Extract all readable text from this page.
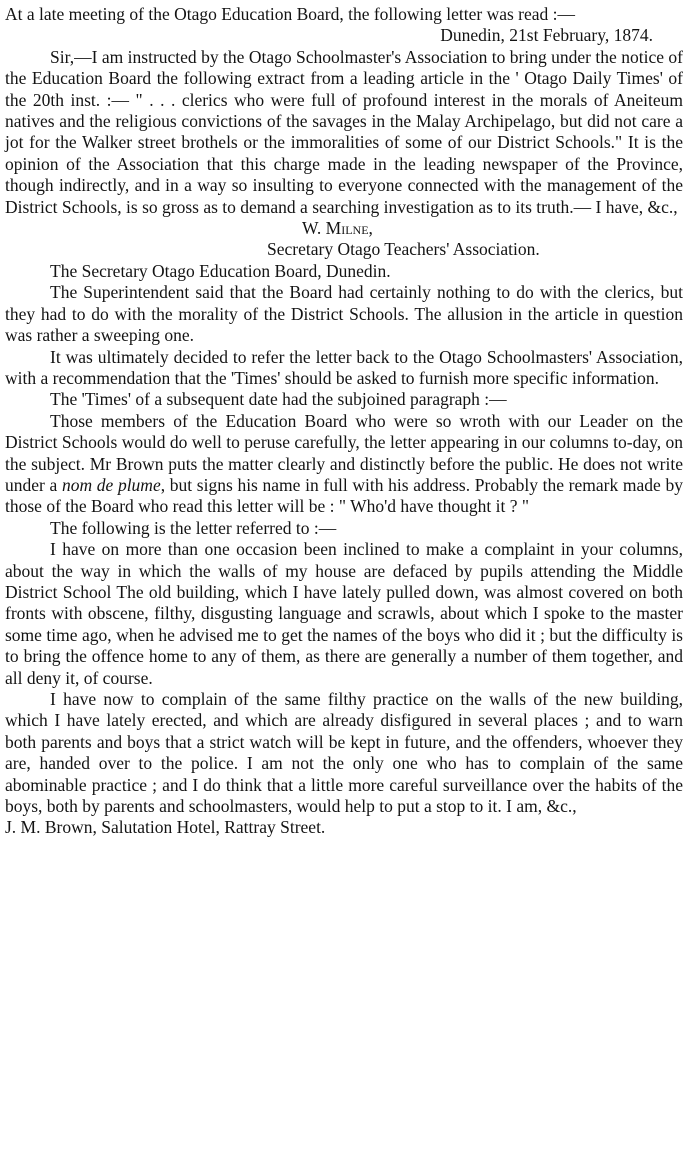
At a late meeting of the Otago Education Board, the following letter was read :—

Dunedin, 21st February, 1874.

Sir,—I am instructed by the Otago Schoolmaster's Association to bring under the notice of the Education Board the following extract from a leading article in the ' Otago Daily Times' of the 20th inst. :— " . . . clerics who were full of profound interest in the morals of Aneiteum natives and the religious convictions of the savages in the Malay Archipelago, but did not care a jot for the Walker street brothels or the immoralities of some of our District Schools." It is the opinion of the Association that this charge made in the leading newspaper of the Province, though indirectly, and in a way so insulting to everyone connected with the management of the District Schools, is so gross as to demand a searching investigation as to its truth.— I have, &c.,

W. Milne,

Secretary Otago Teachers' Association.

The Secretary Otago Education Board, Dunedin.

The Superintendent said that the Board had certainly nothing to do with the clerics, but they had to do with the morality of the District Schools. The allusion in the article in question was rather a sweeping one.

It was ultimately decided to refer the letter back to the Otago Schoolmasters' Association, with a recommendation that the 'Times' should be asked to furnish more specific information.

The 'Times' of a subsequent date had the subjoined paragraph :—

Those members of the Education Board who were so wroth with our Leader on the District Schools would do well to peruse carefully, the letter appearing in our columns to-day, on the subject. Mr Brown puts the matter clearly and distinctly before the public. He does not write under a nom de plume, but signs his name in full with his address. Probably the remark made by those of the Board who read this letter will be : " Who'd have thought it ? "

The following is the letter referred to :—

I have on more than one occasion been inclined to make a complaint in your columns, about the way in which the walls of my house are defaced by pupils attending the Middle District School The old building, which I have lately pulled down, was almost covered on both fronts with obscene, filthy, disgusting language and scrawls, about which I spoke to the master some time ago, when he advised me to get the names of the boys who did it ; but the difficulty is to bring the offence home to any of them, as there are generally a number of them together, and all deny it, of course.

I have now to complain of the same filthy practice on the walls of the new building, which I have lately erected, and which are already disfigured in several places ; and to warn both parents and boys that a strict watch will be kept in future, and the offenders, whoever they are, handed over to the police. I am not the only one who has to complain of the same abominable practice ; and I do think that a little more careful surveillance over the habits of the boys, both by parents and schoolmasters, would help to put a stop to it. I am, &c.,

J. M. Brown, Salutation Hotel, Rattray Street.
